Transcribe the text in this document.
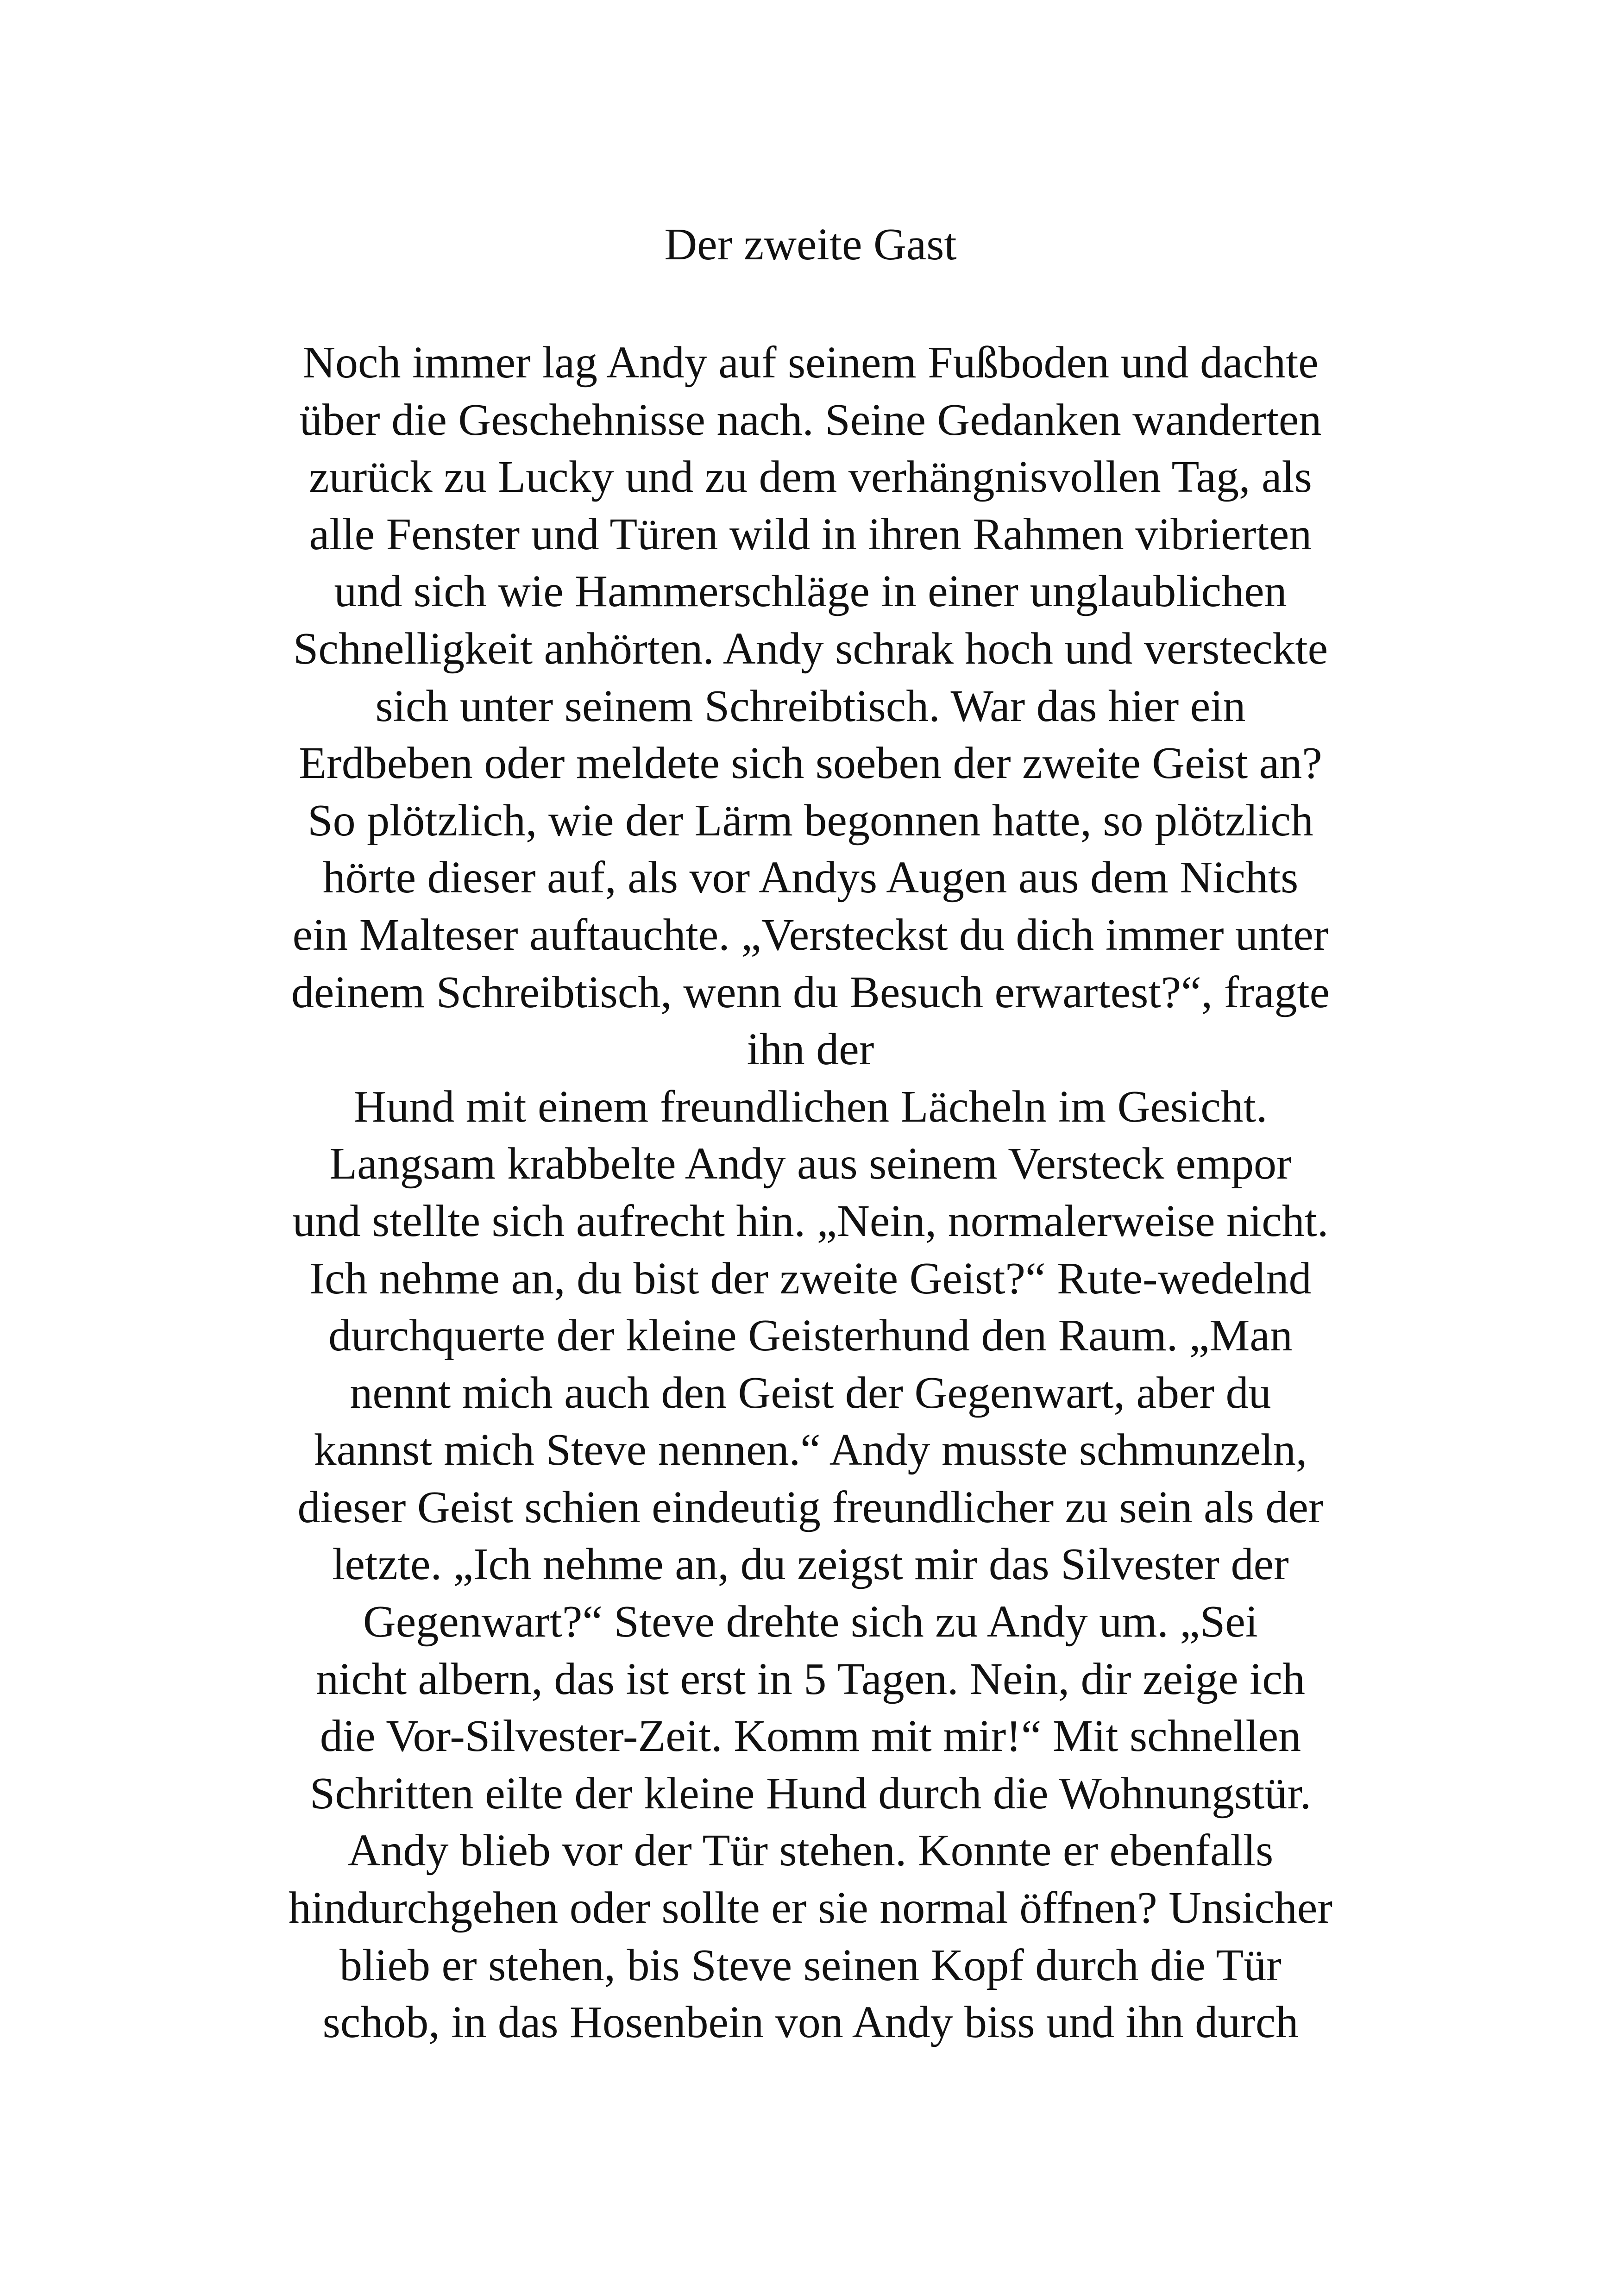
Der zweite Gast
Noch immer lag Andy auf seinem Fußboden und dachte
über die Geschehnisse nach. Seine Gedanken wanderten
zurück zu Lucky und zu dem verhängnisvollen Tag, als
alle Fenster und Türen wild in ihren Rahmen vibrierten
und sich wie Hammerschläge in einer unglaublichen
Schnelligkeit anhörten. Andy schrak hoch und versteckte
sich unter seinem Schreibtisch. War das hier ein
Erdbeben oder meldete sich soeben der zweite Geist an?
So plötzlich, wie der Lärm begonnen hatte, so plötzlich
hörte dieser auf, als vor Andys Augen aus dem Nichts
ein Malteser auftauchte. „Versteckst du dich immer unter
deinem Schreibtisch, wenn du Besuch erwartest?“, fragte
ihn der
Hund mit einem freundlichen Lächeln im Gesicht.
Langsam krabbelte Andy aus seinem Versteck empor
und stellte sich aufrecht hin. „Nein, normalerweise nicht.
Ich nehme an, du bist der zweite Geist?“ Rute-wedelnd
durchquerte der kleine Geisterhund den Raum. „Man
nennt mich auch den Geist der Gegenwart, aber du
kannst mich Steve nennen.“ Andy musste schmunzeln,
dieser Geist schien eindeutig freundlicher zu sein als der
letzte. „Ich nehme an, du zeigst mir das Silvester der
Gegenwart?“ Steve drehte sich zu Andy um. „Sei
nicht albern, das ist erst in 5 Tagen. Nein, dir zeige ich
die Vor-Silvester-Zeit. Komm mit mir!“ Mit schnellen
Schritten eilte der kleine Hund durch die Wohnungstür.
Andy blieb vor der Tür stehen. Konnte er ebenfalls
hindurchgehen oder sollte er sie normal öffnen? Unsicher
blieb er stehen, bis Steve seinen Kopf durch die Tür
schob, in das Hosenbein von Andy biss und ihn durch
